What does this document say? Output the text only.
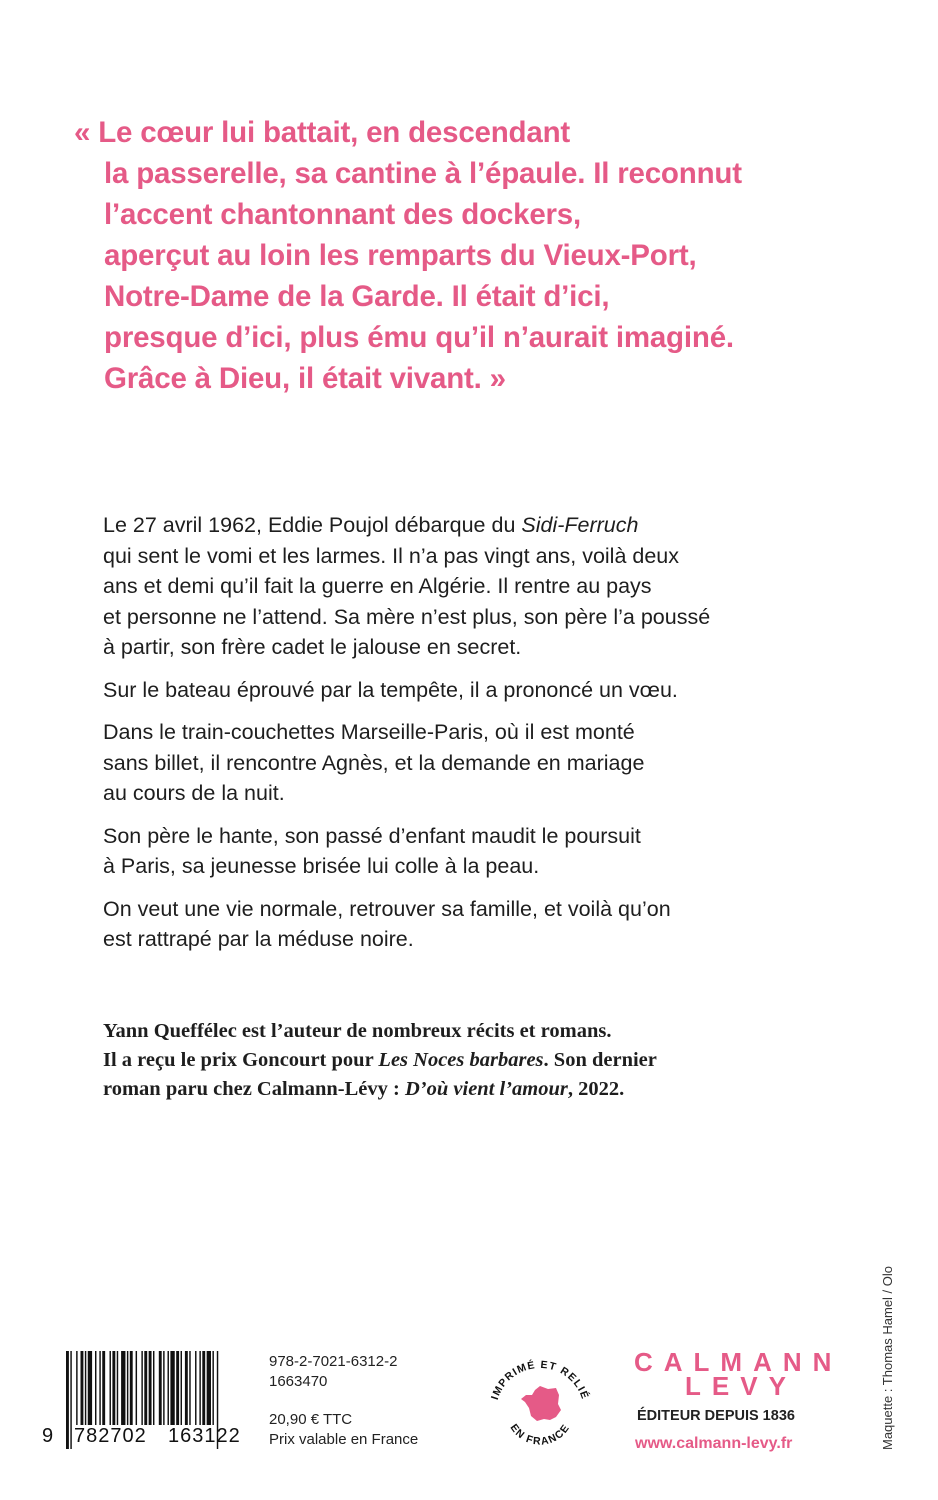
« Le cœur lui battait, en descendant
la passerelle, sa cantine à l’épaule. Il reconnut
l’accent chantonnant des dockers,
aperçut au loin les remparts du Vieux-Port,
Notre-Dame de la Garde. Il était d’ici,
presque d’ici, plus ému qu’il n’aurait imaginé.
Grâce à Dieu, il était vivant. »

Le 27 avril 1962, Eddie Poujol débarque du Sidi-Ferruch
qui sent le vomi et les larmes. Il n’a pas vingt ans, voilà deux
ans et demi qu’il fait la guerre en Algérie. Il rentre au pays
et personne ne l’attend. Sa mère n’est plus, son père l’a poussé
à partir, son frère cadet le jalouse en secret.

Sur le bateau éprouvé par la tempête, il a prononcé un vœu.

Dans le train-couchettes Marseille-Paris, où il est monté
sans billet, il rencontre Agnès, et la demande en mariage
au cours de la nuit.

Son père le hante, son passé d’enfant maudit le poursuit
à Paris, sa jeunesse brisée lui colle à la peau.

On veut une vie normale, retrouver sa famille, et voilà qu’on
est rattrapé par la méduse noire.

Yann Queffélec est l’auteur de nombreux récits et romans.
Il a reçu le prix Goncourt pour Les Noces barbares. Son dernier
roman paru chez Calmann-Lévy : D’où vient l’amour, 2022.
Maquette : Thomas Hamel / Olo
9 782702 163122
978-2-7021-6312-2
1663470
20,90 € TTC
Prix valable en France
IMPRIMÉ ET RELIÉ
EN FRANCE
CALMANN
LEVY
ÉDITEUR DEPUIS 1836
www.calmann-levy.fr
